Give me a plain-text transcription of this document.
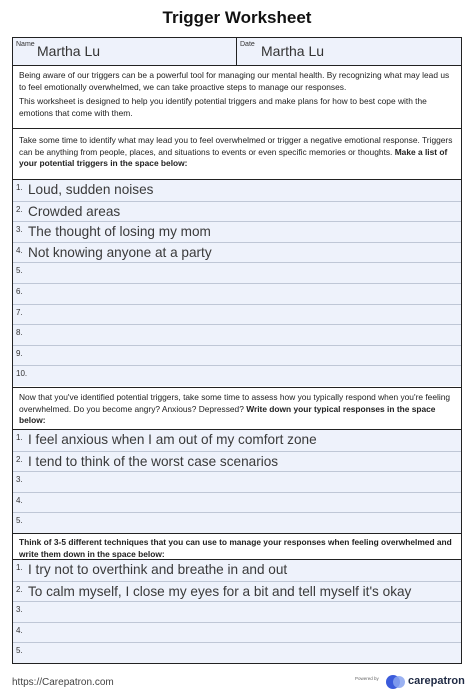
Trigger Worksheet
Name Martha Lu	Date Martha Lu
Being aware of our triggers can be a powerful tool for managing our mental health. By recognizing what may lead us to feel emotionally overwhelmed, we can take proactive steps to manage our responses.
This worksheet is designed to help you identify potential triggers and make plans for how to best cope with the emotions that come with them.
Take some time to identify what may lead you to feel overwhelmed or trigger a negative emotional response. Triggers can be anything from people, places, and situations to events or even specific memories or thoughts. Make a list of your potential triggers in the space below:
1. Loud, sudden noises
2. Crowded areas
3. The thought of losing my mom
4. Not knowing anyone at a party
5.
6.
7.
8.
9.
10.
Now that you've identified potential triggers, take some time to assess how you typically respond when you're feeling overwhelmed. Do you become angry? Anxious? Depressed? Write down your typical responses in the space below:
1. I feel anxious when I am out of my comfort zone
2. I tend to think of the worst case scenarios
3.
4.
5.
Think of 3-5 different techniques that you can use to manage your responses when feeling overwhelmed and write them down in the space below:
1. I try not to overthink and breathe in and out
2. To calm myself, I close my eyes for a bit and tell myself it's okay
3.
4.
5.
https://Carepatron.com	Powered by	carepatron
